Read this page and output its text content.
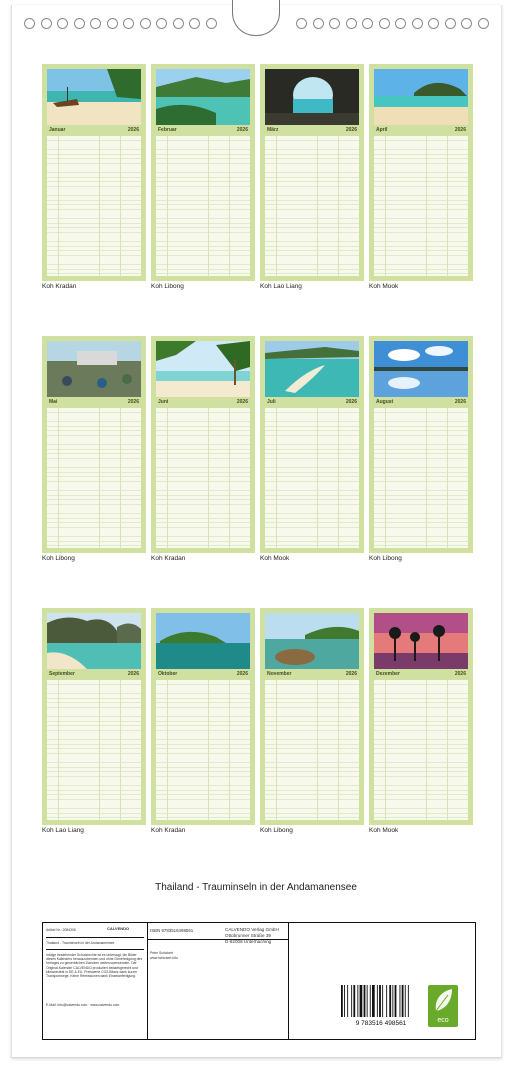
Januar	2026
Koh Kradan
Februar	2026
Koh Libong
März	2026
Koh Lao Liang
April	2026
Koh Mook
Mai	2026
Koh Libong
Juni	2026
Koh Kradan
Juli	2026
Koh Mook
August	2026
Koh Libong
September	2026
Koh Lao Liang
Oktober	2026
Koh Kradan
November	2026
Koh Libong
Dezember	2026
Koh Mook
Thailand - Trauminseln in der Andamanensee
Artikel Nr.: 2084306	CALVENDO
Thailand - Trauminseln in der Andamanensee
Infolge bestehender Schutzrechte ist es untersagt, die Bilder dieses Kalenders herauszutrennen und ohne Genehmigung des Verlages zu gewerblichen Zwecken weiterzuverwenden. Der Original-Kalender CALVENDO produziert bedarfsgerecht und klimaneutral in DE & EU. Preiswerte CO2-Bilanz dank kurzer Transportwege. Keine Remissionen dank Einzelanfertigung.
E-Mail: info@calvendo.com · www.calvendo.com
ISBN 9783516498561
Peter Schickert
www.schickert.info
CALVENDO Verlag GmbH
Ottobrunner Straße 39
D-82008 Unterhaching
9 783516 498561	eco
